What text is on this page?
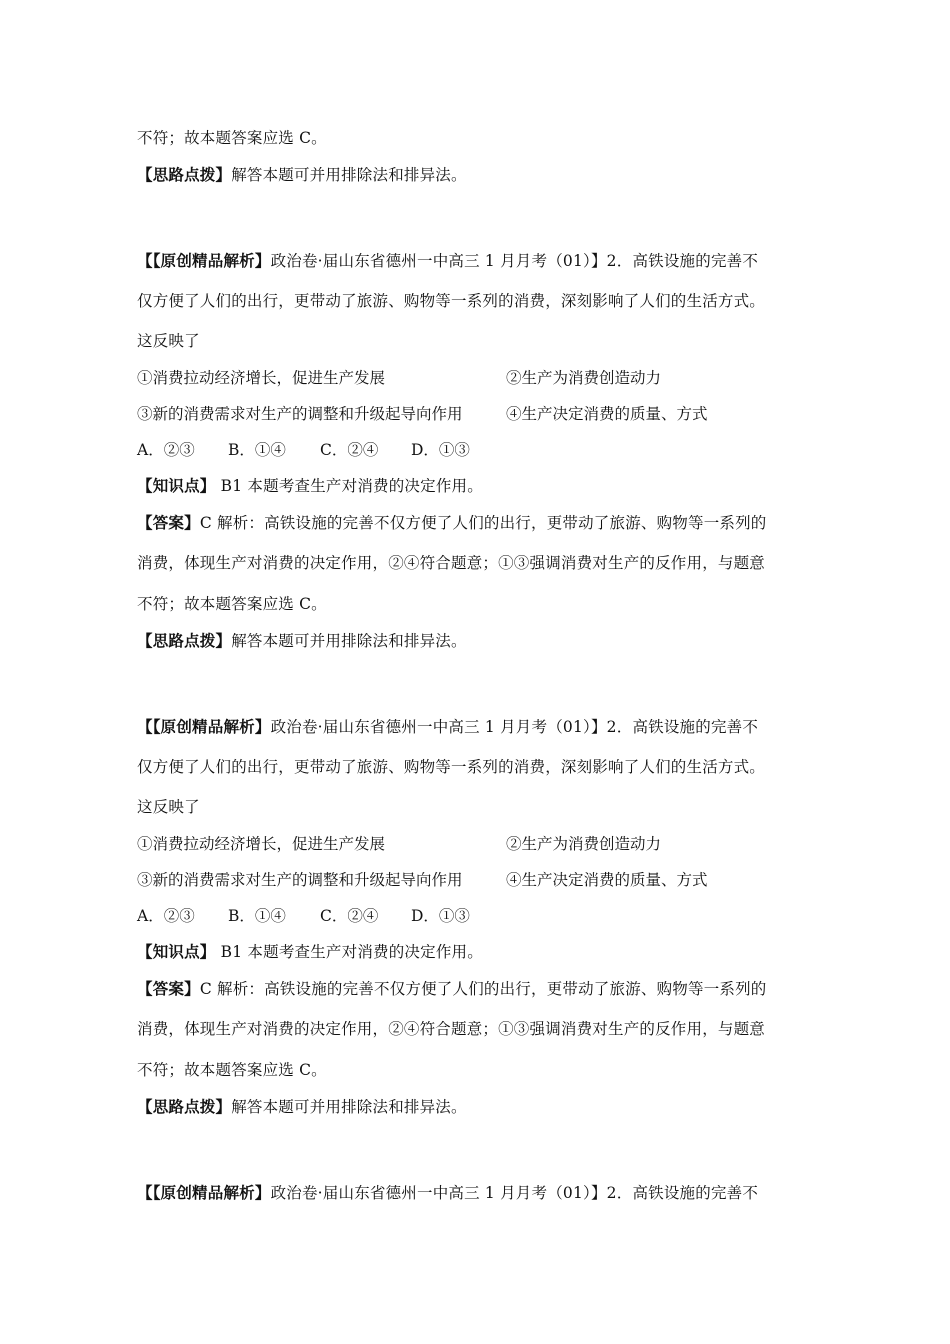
不符；故本题答案应选 C。
【思路点拨】解答本题可并用排除法和排异法。
【【原创精品解析】政治卷·届山东省德州一中高三 1 月月考（01）】2．高铁设施的完善不
仅方便了人们的出行，更带动了旅游、购物等一系列的消费，深刻影响了人们的生活方式。
这反映了
①消费拉动经济增长，促进生产发展	②生产为消费创造动力
③新的消费需求对生产的调整和升级起导向作用	④生产决定消费的质量、方式
A．②③ B．①④ C．②④ D．①③
【知识点】 B1 本题考查生产对消费的决定作用。
【答案】C 解析：高铁设施的完善不仅方便了人们的出行，更带动了旅游、购物等一系列的
消费，体现生产对消费的决定作用，②④符合题意；①③强调消费对生产的反作用，与题意
不符；故本题答案应选 C。
【思路点拨】解答本题可并用排除法和排异法。
【【原创精品解析】政治卷·届山东省德州一中高三 1 月月考（01）】2．高铁设施的完善不
仅方便了人们的出行，更带动了旅游、购物等一系列的消费，深刻影响了人们的生活方式。
这反映了
①消费拉动经济增长，促进生产发展	②生产为消费创造动力
③新的消费需求对生产的调整和升级起导向作用	④生产决定消费的质量、方式
A．②③ B．①④ C．②④ D．①③
【知识点】 B1 本题考查生产对消费的决定作用。
【答案】C 解析：高铁设施的完善不仅方便了人们的出行，更带动了旅游、购物等一系列的
消费，体现生产对消费的决定作用，②④符合题意；①③强调消费对生产的反作用，与题意
不符；故本题答案应选 C。
【思路点拨】解答本题可并用排除法和排异法。
【【原创精品解析】政治卷·届山东省德州一中高三 1 月月考（01）】2．高铁设施的完善不
